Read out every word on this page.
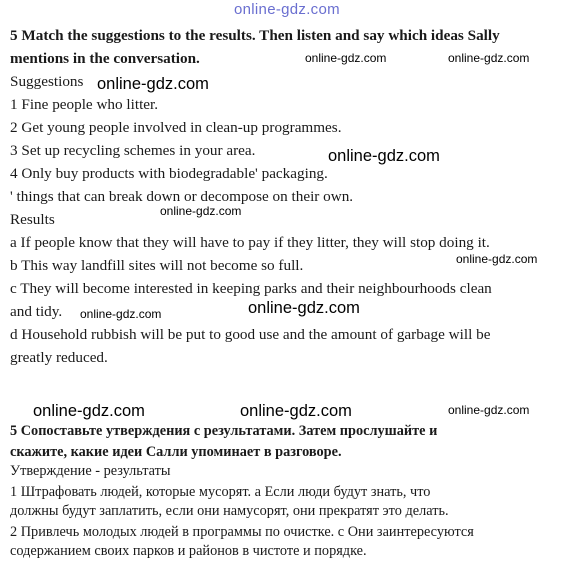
online-gdz.com
5 Match the suggestions to the results. Then listen and say which ideas Sally
mentions in the conversation.
Suggestions
1 Fine people who litter.
2 Get young people involved in clean-up programmes.
3 Set up recycling schemes in your area.
4 Only buy products with biodegradable' packaging.
' things that can break down or decompose on their own.
Results
a If people know that they will have to pay if they litter, they will stop doing it.
b This way landfill sites will not become so full.
c They will become interested in keeping parks and their neighbourhoods clean
and tidy.
d Household rubbish will be put to good use and the amount of garbage will be
greatly reduced.
5 Сопоставьте утверждения с результатами. Затем прослушайте и
скажите, какие идеи Салли упоминает в разговоре.
Утверждение - результаты
1 Штрафовать людей, которые мусорят. а Если люди будут знать, что
должны будут заплатить, если они намусорят, они прекратят это делать.
2 Привлечь молодых людей в программы по очистке. с Они заинтересуются
содержанием своих парков и районов в чистоте и порядке.
online-gdz.com	online-gdz.com
online-gdz.com
online-gdz.com
online-gdz.com
online-gdz.com
online-gdz.com
online-gdz.com
online-gdz.com	online-gdz.com	online-gdz.com
